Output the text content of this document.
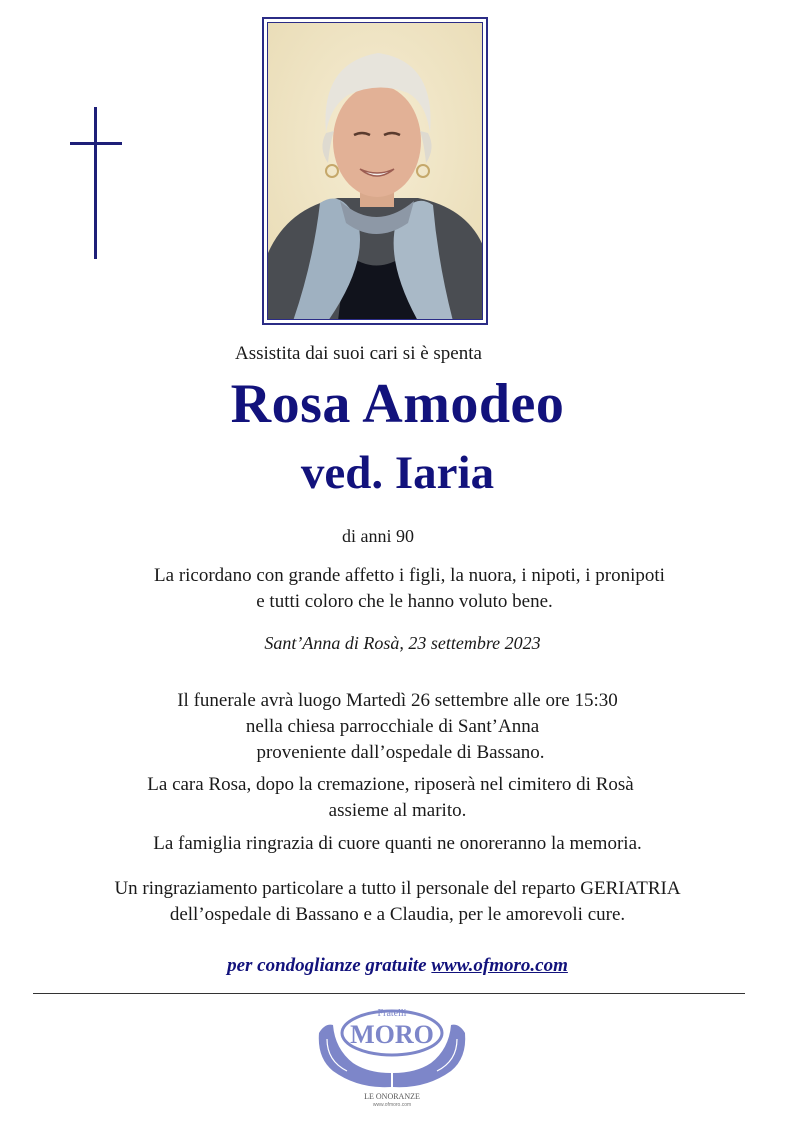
Assistita dai suoi cari si è spenta
Rosa Amodeo
ved. Iaria
di anni 90
La ricordano con grande affetto i figli, la nuora, i nipoti, i pronipoti
e tutti coloro che le hanno voluto bene.
Sant’Anna di Rosà, 23 settembre 2023
Il funerale avrà luogo Martedì 26 settembre alle ore 15:30
nella chiesa parrocchiale di Sant’Anna
proveniente dall’ospedale di Bassano.
La cara Rosa, dopo la cremazione, riposerà nel cimitero di Rosà
assieme al marito.
La famiglia ringrazia di cuore quanti ne onoreranno la memoria.
Un ringraziamento particolare a tutto il personale del reparto GERIATRIA
dell’ospedale di Bassano e a Claudia, per le amorevoli cure.
per condoglianze gratuite www.ofmoro.com
Fratelli
MORO
LE ONORANZE
www.ofmoro.com
